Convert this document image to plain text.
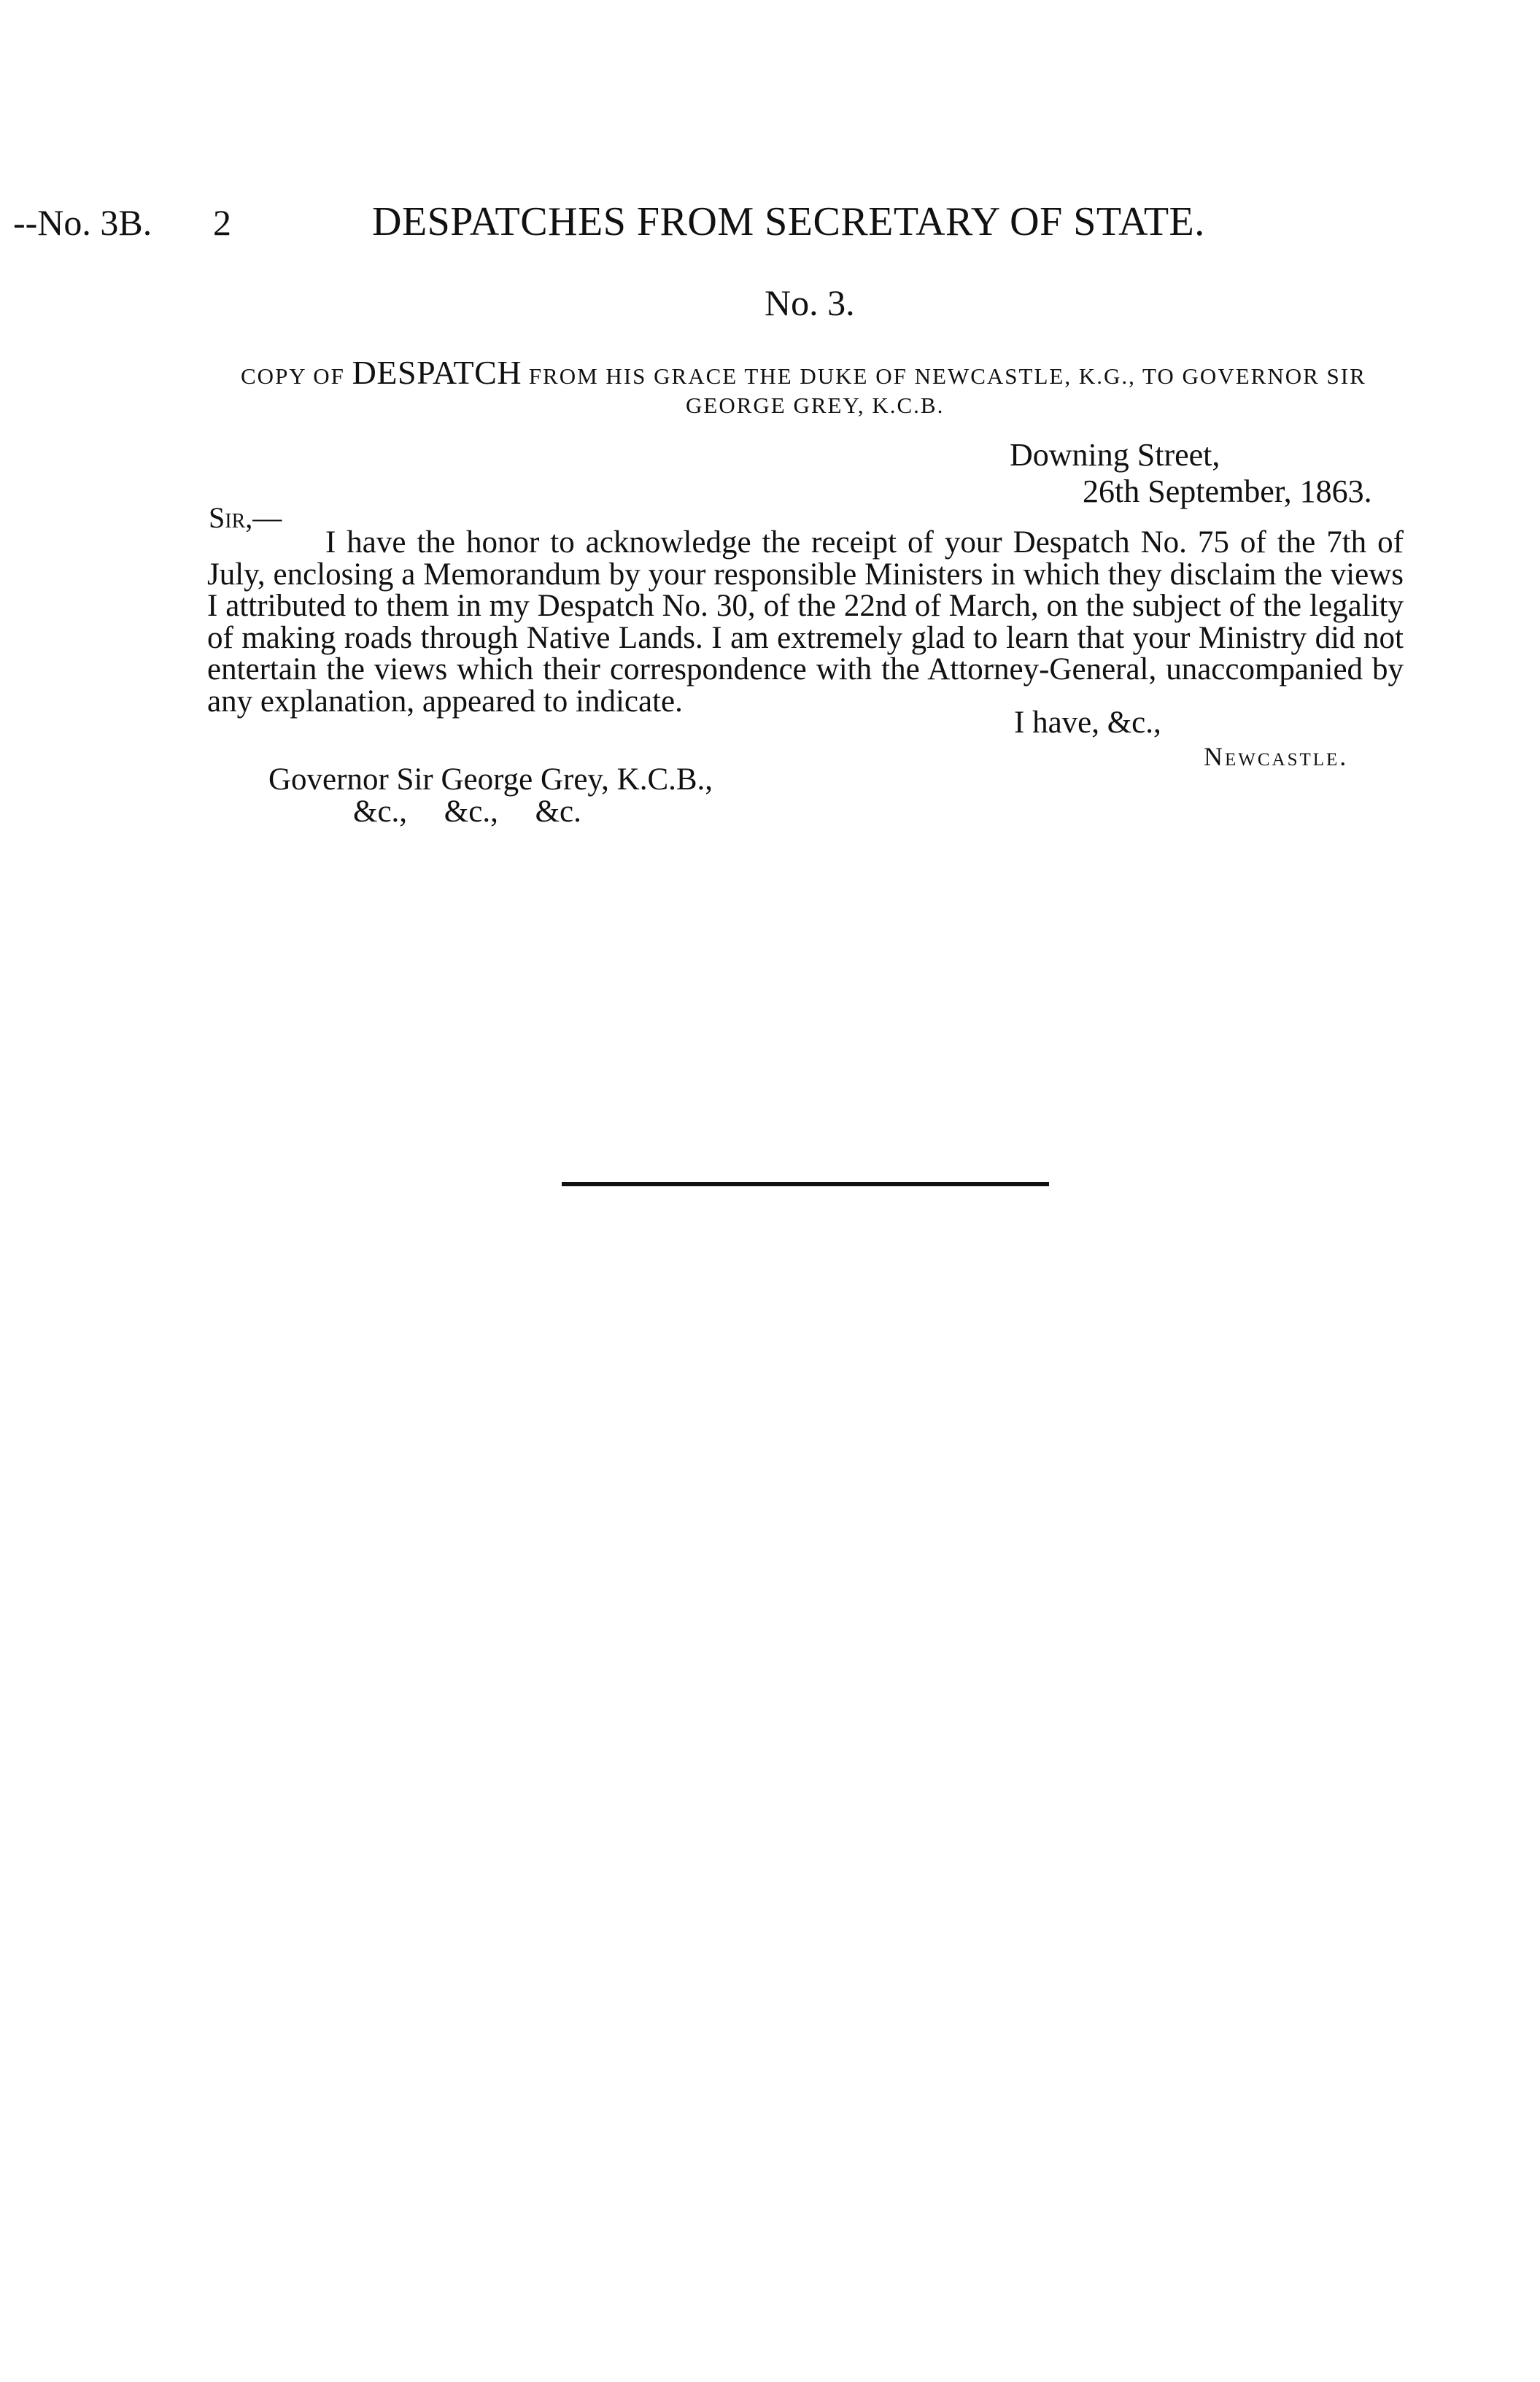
--No. 3B. 2	DESPATCHES FROM SECRETARY OF STATE.
No. 3.
COPY OF DESPATCH FROM HIS GRACE THE DUKE OF NEWCASTLE, K.G., TO GOVERNOR SIR
GEORGE GREY, K.C.B.
Downing Street,
26th September, 1863.
Sir,—
I have the honor to acknowledge the receipt of your Despatch No. 75 of the 7th of July, enclosing a Memorandum by your responsible Ministers in which they disclaim the views I attributed to them in my Despatch No. 30, of the 22nd of March, on the subject of the legality of making roads through Native Lands. I am extremely glad to learn that your Ministry did not entertain the views which their correspondence with the Attorney-General, unaccompanied by any explanation, appeared to indicate.
I have, &c.,
Newcastle.
Governor Sir George Grey, K.C.B.,
&c., &c., &c.
